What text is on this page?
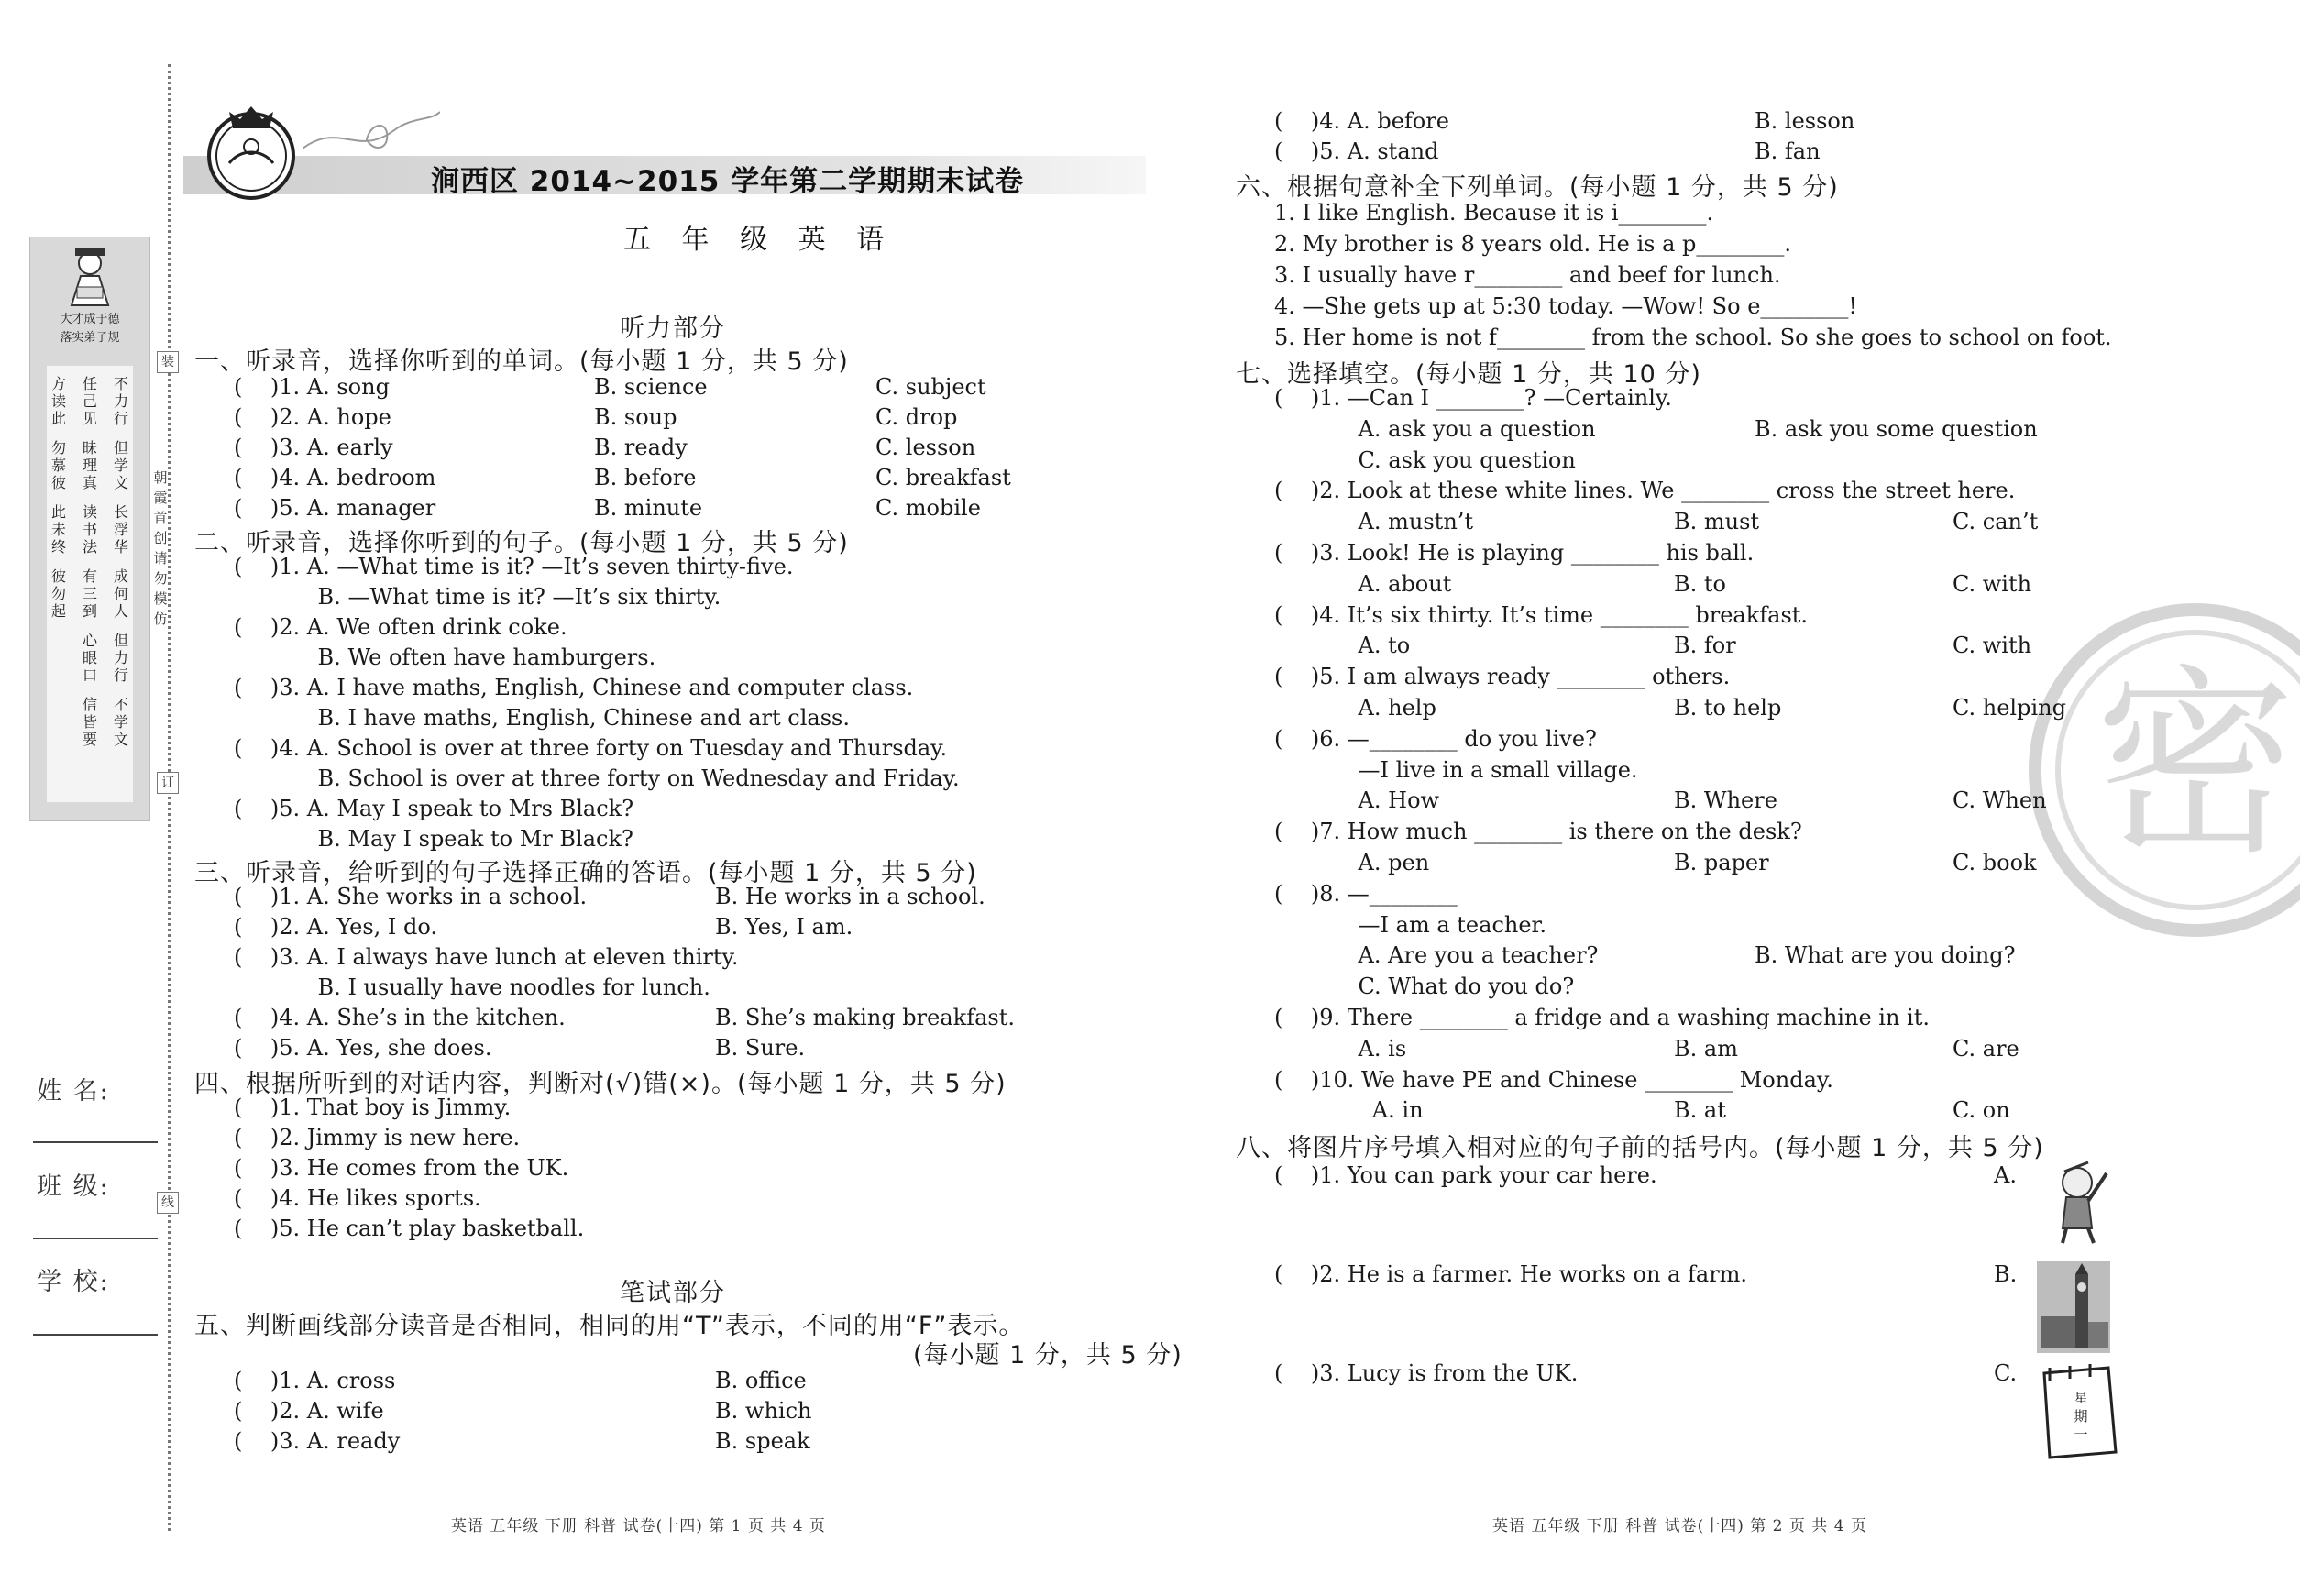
装
订
线
大才成于德
落实弟子规
方读此
任己见
不力行
勿慕彼
昧理真
但学文
此未终
读书法
长浮华
彼勿起
有三到
成何人
心眼口
但力行
信皆要
不学文
朝霞首创 请勿模仿
姓 名:
班 级:
学 校:
涧西区 2014~2015 学年第二学期期末试卷
五 年 级 英 语
听力部分
一、听录音，选择你听到的单词。(每小题 1 分，共 5 分)
(    )1. A. song	B. science	C. subject
(    )2. A. hope	B. soup	C. drop
(    )3. A. early	B. ready	C. lesson
(    )4. A. bedroom	B. before	C. breakfast
(    )5. A. manager	B. minute	C. mobile
二、听录音，选择你听到的句子。(每小题 1 分，共 5 分)
(    )1. A. —What time is it? —It’s seven thirty-five.
B. —What time is it? —It’s six thirty.
(    )2. A. We often drink coke.
B. We often have hamburgers.
(    )3. A. I have maths, English, Chinese and computer class.
B. I have maths, English, Chinese and art class.
(    )4. A. School is over at three forty on Tuesday and Thursday.
B. School is over at three forty on Wednesday and Friday.
(    )5. A. May I speak to Mrs Black?
B. May I speak to Mr Black?
三、听录音，给听到的句子选择正确的答语。(每小题 1 分，共 5 分)
(    )1. A. She works in a school.	B. He works in a school.
(    )2. A. Yes, I do.	B. Yes, I am.
(    )3. A. I always have lunch at eleven thirty.
B. I usually have noodles for lunch.
(    )4. A. She’s in the kitchen.	B. She’s making breakfast.
(    )5. A. Yes, she does.	B. Sure.
四、根据所听到的对话内容，判断对(√)错(×)。(每小题 1 分，共 5 分)
(    )1. That boy is Jimmy.
(    )2. Jimmy is new here.
(    )3. He comes from the UK.
(    )4. He likes sports.
(    )5. He can’t play basketball.
笔试部分
五、判断画线部分读音是否相同，相同的用“T”表示，不同的用“F”表示。
(每小题 1 分，共 5 分)
(    )1. A. cross	B. office
(    )2. A. wife	B. which
(    )3. A. ready	B. speak
英语 五年级 下册 科普 试卷(十四) 第 1 页 共 4 页
密
(    )4. A. before	B. lesson
(    )5. A. stand	B. fan
六、根据句意补全下列单词。(每小题 1 分，共 5 分)
1. I like English. Because it is i________.
2. My brother is 8 years old. He is a p________.
3. I usually have r________ and beef for lunch.
4. —She gets up at 5:30 today. —Wow! So e________!
5. Her home is not f________ from the school. So she goes to school on foot.
七、选择填空。(每小题 1 分，共 10 分)
(    )1. —Can I ________? —Certainly.
A. ask you a question	B. ask you some question
C. ask you question
(    )2. Look at these white lines. We ________ cross the street here.
A. mustn’t	B. must	C. can’t
(    )3. Look! He is playing ________ his ball.
A. about	B. to	C. with
(    )4. It’s six thirty. It’s time ________ breakfast.
A. to	B. for	C. with
(    )5. I am always ready ________ others.
A. help	B. to help	C. helping
(    )6. —________ do you live?
—I live in a small village.
A. How	B. Where	C. When
(    )7. How much ________ is there on the desk?
A. pen	B. paper	C. book
(    )8. —________
—I am a teacher.
A. Are you a teacher?	B. What are you doing?
C. What do you do?
(    )9. There ________ a fridge and a washing machine in it.
A. is	B. am	C. are
(    )10. We have PE and Chinese ________ Monday.
A. in	B. at	C. on
八、将图片序号填入相对应的句子前的括号内。(每小题 1 分，共 5 分)
(    )1. You can park your car here.	A.
(    )2. He is a farmer. He works on a farm.	B.
(    )3. Lucy is from the UK.	C.
星
期
一
英语 五年级 下册 科普 试卷(十四) 第 2 页 共 4 页
